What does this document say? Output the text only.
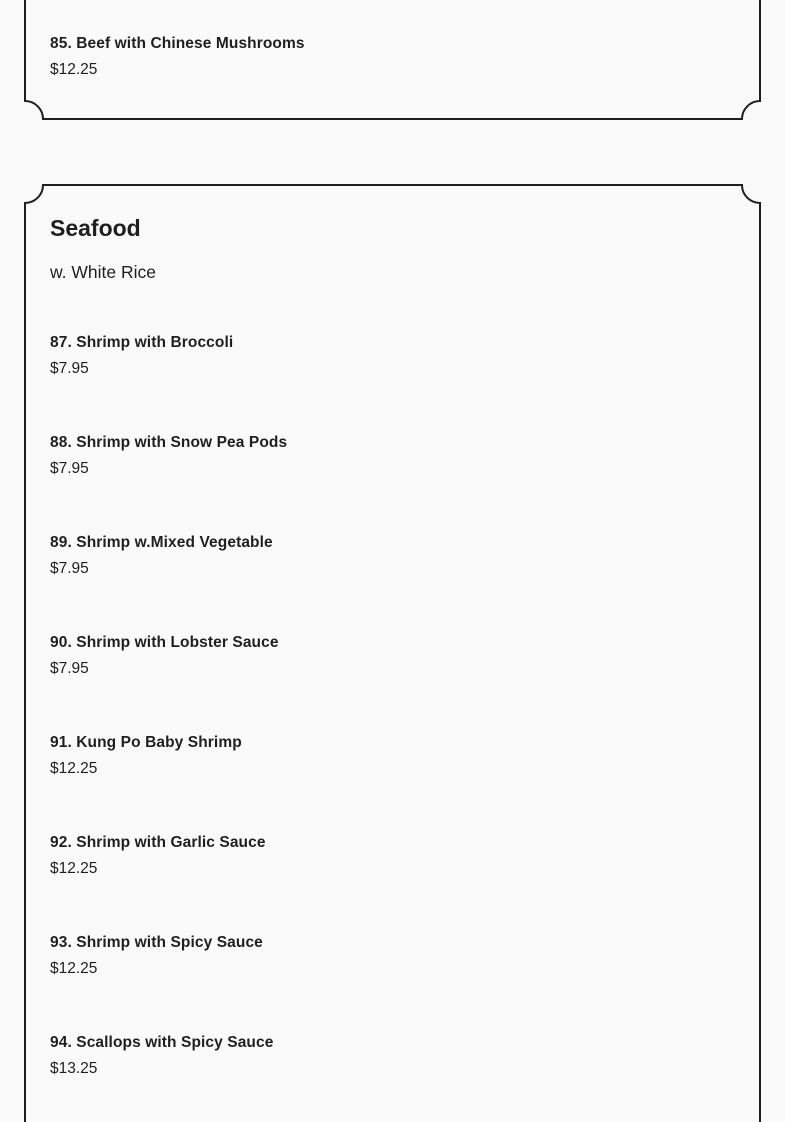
85. Beef with Chinese Mushrooms
$12.25
Seafood

w. White Rice

87. Shrimp with Broccoli
$7.95
88. Shrimp with Snow Pea Pods
$7.95
89. Shrimp w.Mixed Vegetable
$7.95
90. Shrimp with Lobster Sauce
$7.95
91. Kung Po Baby Shrimp
$12.25
92. Shrimp with Garlic Sauce
$12.25
93. Shrimp with Spicy Sauce
$12.25
94. Scallops with Spicy Sauce
$13.25
